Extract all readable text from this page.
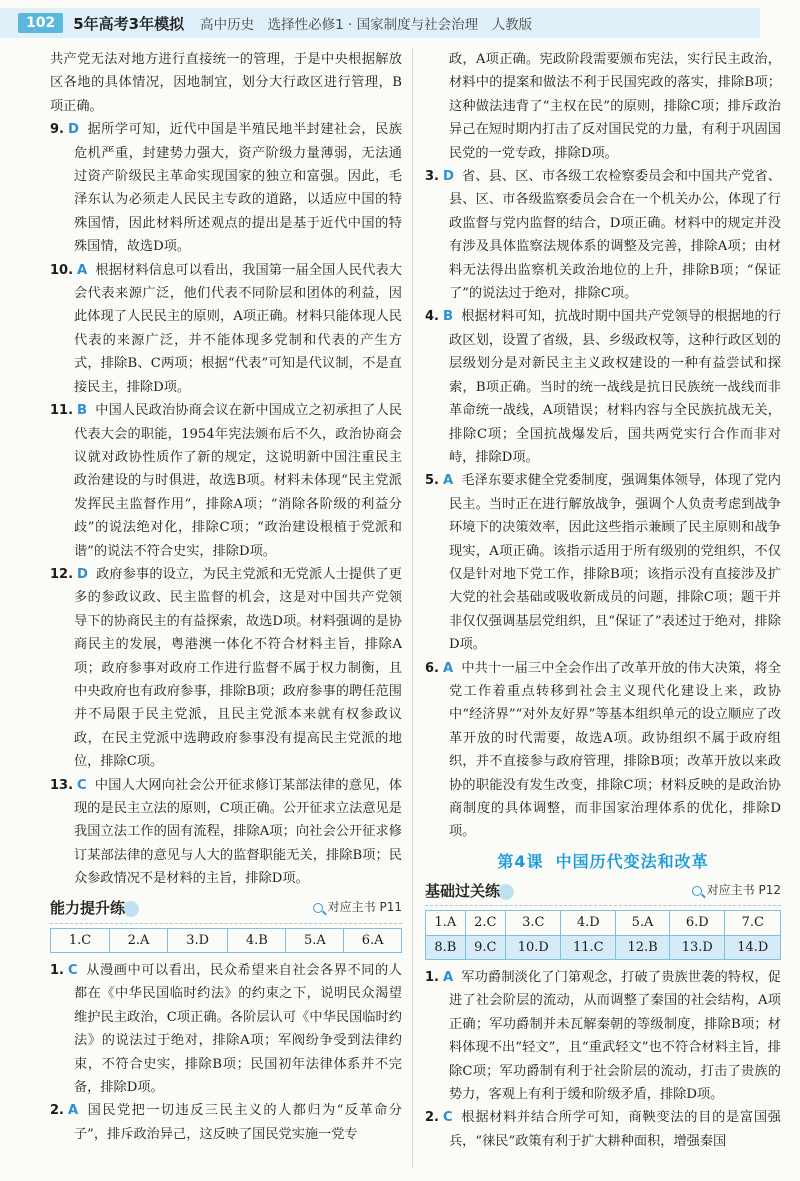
102	5年高考3年模拟 高中历史　选择性必修1 · 国家制度与社会治理　人教版

共产党无法对地方进行直接统一的管理，于是中央根据解放区各地的具体情况，因地制宜，划分大行政区进行管理，B项正确。

9. D 据所学可知，近代中国是半殖民地半封建社会，民族危机严重，封建势力强大，资产阶级力量薄弱，无法通过资产阶级民主革命实现国家的独立和富强。因此，毛泽东认为必须走人民民主专政的道路，以适应中国的特殊国情，因此材料所述观点的提出是基于近代中国的特殊国情，故选D项。

10. A 根据材料信息可以看出，我国第一届全国人民代表大会代表来源广泛，他们代表不同阶层和团体的利益，因此体现了人民民主的原则，A项正确。材料只能体现人民代表的来源广泛，并不能体现多党制和代表的产生方式，排除B、C两项；根据“代表”可知是代议制，不是直接民主，排除D项。

11. B 中国人民政治协商会议在新中国成立之初承担了人民代表大会的职能，1954年宪法颁布后不久，政治协商会议就对政协性质作了新的规定，这说明新中国注重民主政治建设的与时俱进，故选B项。材料未体现“民主党派发挥民主监督作用”，排除A项；“消除各阶级的利益分歧”的说法绝对化，排除C项；“政治建设根植于党派和谐”的说法不符合史实，排除D项。

12. D 政府参事的设立，为民主党派和无党派人士提供了更多的参政议政、民主监督的机会，这是对中国共产党领导下的协商民主的有益探索，故选D项。材料强调的是协商民主的发展，粤港澳一体化不符合材料主旨，排除A项；政府参事对政府工作进行监督不属于权力制衡，且中央政府也有政府参事，排除B项；政府参事的聘任范围并不局限于民主党派，且民主党派本来就有权参政议政，在民主党派中选聘政府参事没有提高民主党派的地位，排除C项。

13. C 中国人大网向社会公开征求修订某部法律的意见，体现的是民主立法的原则，C项正确。公开征求立法意见是我国立法工作的固有流程，排除A项；向社会公开征求修订某部法律的意见与人大的监督职能无关，排除B项；民众参政情况不是材料的主旨，排除D项。

能力提升练	对应主书 P11
1.C	2.A	3.D	4.B	5.A	6.A

1. C 从漫画中可以看出，民众希望来自社会各界不同的人都在《中华民国临时约法》的约束之下，说明民众渴望维护民主政治，C项正确。各阶层认可《中华民国临时约法》的说法过于绝对，排除A项；军阀纷争受到法律约束，不符合史实，排除B项；民国初年法律体系并不完备，排除D项。

2. A 国民党把一切违反三民主义的人都归为“反革命分子”，排斥政治异己，这反映了国民党实施一党专

政，A项正确。宪政阶段需要颁布宪法，实行民主政治，材料中的提案和做法不利于民国宪政的落实，排除B项；这种做法违背了“主权在民”的原则，排除C项；排斥政治异己在短时期内打击了反对国民党的力量，有利于巩固国民党的一党专政，排除D项。

3. D 省、县、区、市各级工农检察委员会和中国共产党省、县、区、市各级监察委员会合在一个机关办公，体现了行政监督与党内监督的结合，D项正确。材料中的规定并没有涉及具体监察法规体系的调整及完善，排除A项；由材料无法得出监察机关政治地位的上升，排除B项；“保证了”的说法过于绝对，排除C项。

4. B 根据材料可知，抗战时期中国共产党领导的根据地的行政区划，设置了省级，县、乡级政权等，这种行政区划的层级划分是对新民主主义政权建设的一种有益尝试和探索，B项正确。当时的统一战线是抗日民族统一战线而非革命统一战线，A项错误；材料内容与全民族抗战无关，排除C项；全国抗战爆发后，国共两党实行合作而非对峙，排除D项。

5. A 毛泽东要求健全党委制度，强调集体领导，体现了党内民主。当时正在进行解放战争，强调个人负责考虑到战争环境下的决策效率，因此这些指示兼顾了民主原则和战争现实，A项正确。该指示适用于所有级别的党组织，不仅仅是针对地下党工作，排除B项；该指示没有直接涉及扩大党的社会基础或吸收新成员的问题，排除C项；题干并非仅仅强调基层党组织，且“保证了”表述过于绝对，排除D项。

6. A 中共十一届三中全会作出了改革开放的伟大决策，将全党工作着重点转移到社会主义现代化建设上来，政协中“经济界”“对外友好界”等基本组织单元的设立顺应了改革开放的时代需要，故选A项。政协组织不属于政府组织，并不直接参与政府管理，排除B项；改革开放以来政协的职能没有发生改变，排除C项；材料反映的是政治协商制度的具体调整，而非国家治理体系的优化，排除D项。

第4课 中国历代变法和改革
基础过关练	对应主书 P12
1.A	2.C	3.C	4.D	5.A	6.D	7.C
8.B	9.C	10.D	11.C	12.B	13.D	14.D

1. A 军功爵制淡化了门第观念，打破了贵族世袭的特权，促进了社会阶层的流动，从而调整了秦国的社会结构，A项正确；军功爵制并未瓦解秦朝的等级制度，排除B项；材料体现不出“轻文”，且“重武轻文”也不符合材料主旨，排除C项；军功爵制有利于社会阶层的流动，打击了贵族的势力，客观上有利于缓和阶级矛盾，排除D项。

2. C 根据材料并结合所学可知，商鞅变法的目的是富国强兵，“徕民”政策有利于扩大耕种面积，增强秦国
